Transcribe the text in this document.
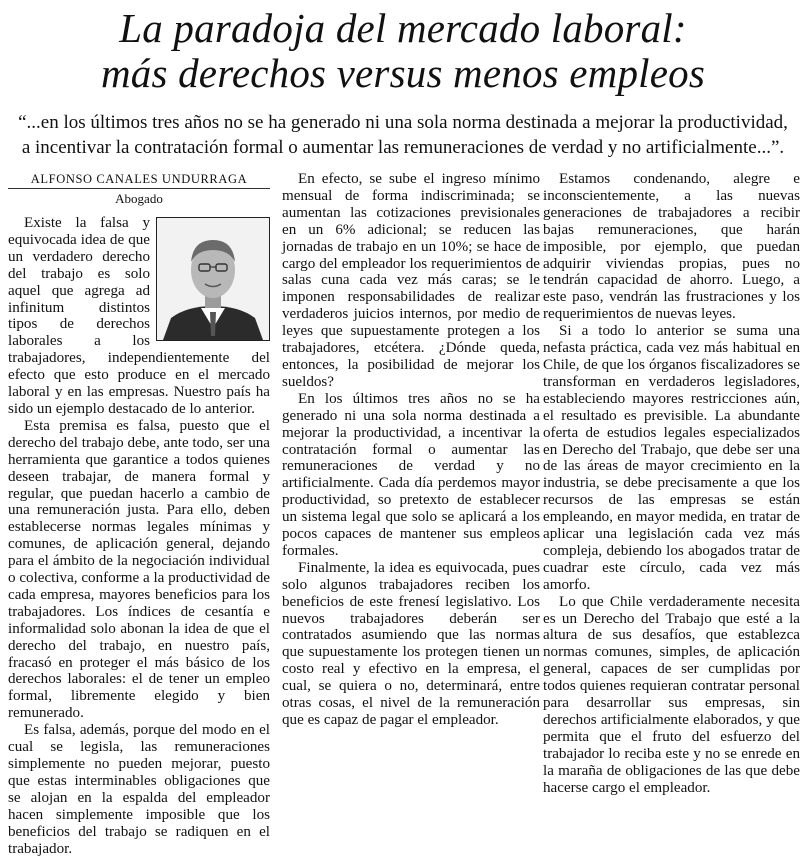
La paradoja del mercado laboral:
más derechos versus menos empleos
“...en los últimos tres años no se ha generado ni una sola norma destinada a mejorar la productividad,
a incentivar la contratación formal o aumentar las remuneraciones de verdad y no artificialmente...”.
ALFONSO CANALES UNDURRAGA
Abogado

Existe la falsa y equivocada idea de que un verdadero derecho del trabajo es solo aquel que agrega ad infinitum distintos tipos de derechos laborales a los trabajadores, independientemente del efecto que esto produce en el mercado laboral y en las empresas. Nuestro país ha sido un ejemplo destacado de lo anterior.

Esta premisa es falsa, puesto que el derecho del trabajo debe, ante todo, ser una herramienta que garantice a todos quienes deseen trabajar, de manera formal y regular, que puedan hacerlo a cambio de una remuneración justa. Para ello, deben establecerse normas legales mínimas y comunes, de aplicación general, dejando para el ámbito de la negociación individual o colectiva, conforme a la productividad de cada empresa, mayores beneficios para los trabajadores. Los índices de cesantía e informalidad solo abonan la idea de que el derecho del trabajo, en nuestro país, fracasó en proteger el más básico de los derechos laborales: el de tener un empleo formal, libremente elegido y bien remunerado.

Es falsa, además, porque del modo en el cual se legisla, las remuneraciones simplemente no pueden mejorar, puesto que estas interminables obligaciones que se alojan en la espalda del empleador hacen simplemente imposible que los beneficios del trabajo se radiquen en el trabajador.

En efecto, se sube el ingreso mínimo mensual de forma indiscriminada; se aumentan las cotizaciones previsionales en un 6% adicional; se reducen las jornadas de trabajo en un 10%; se hace de cargo del empleador los requerimientos de salas cuna cada vez más caras; se le imponen responsabilidades de realizar verdaderos juicios internos, por medio de leyes que supuestamente protegen a los trabajadores, etcétera. ¿Dónde queda, entonces, la posibilidad de mejorar los sueldos?

En los últimos tres años no se ha generado ni una sola norma destinada a mejorar la productividad, a incentivar la contratación formal o aumentar las remuneraciones de verdad y no artificialmente. Cada día perdemos mayor productividad, so pretexto de establecer un sistema legal que solo se aplicará a los pocos capaces de mantener sus empleos formales.

Finalmente, la idea es equivocada, pues solo algunos trabajadores reciben los beneficios de este frenesí legislativo. Los nuevos trabajadores deberán ser contratados asumiendo que las normas que supuestamente los protegen tienen un costo real y efectivo en la empresa, el cual, se quiera o no, determinará, entre otras cosas, el nivel de la remuneración que es capaz de pagar el empleador.

Estamos condenando, alegre e inconscientemente, a las nuevas generaciones de trabajadores a recibir bajas remuneraciones, que harán imposible, por ejemplo, que puedan adquirir viviendas propias, pues no tendrán capacidad de ahorro. Luego, a este paso, vendrán las frustraciones y los requerimientos de nuevas leyes.

Si a todo lo anterior se suma una nefasta práctica, cada vez más habitual en Chile, de que los órganos fiscalizadores se transforman en verdaderos legisladores, estableciendo mayores restricciones aún, el resultado es previsible. La abundante oferta de estudios legales especializados en Derecho del Trabajo, que debe ser una de las áreas de mayor crecimiento en la industria, se debe precisamente a que los recursos de las empresas se están empleando, en mayor medida, en tratar de aplicar una legislación cada vez más compleja, debiendo los abogados tratar de cuadrar este círculo, cada vez más amorfo.

Lo que Chile verdaderamente necesita es un Derecho del Trabajo que esté a la altura de sus desafíos, que establezca normas comunes, simples, de aplicación general, capaces de ser cumplidas por todos quienes requieran contratar personal para desarrollar sus empresas, sin derechos artificialmente elaborados, y que permita que el fruto del esfuerzo del trabajador lo reciba este y no se enrede en la maraña de obligaciones de las que debe hacerse cargo el empleador.
